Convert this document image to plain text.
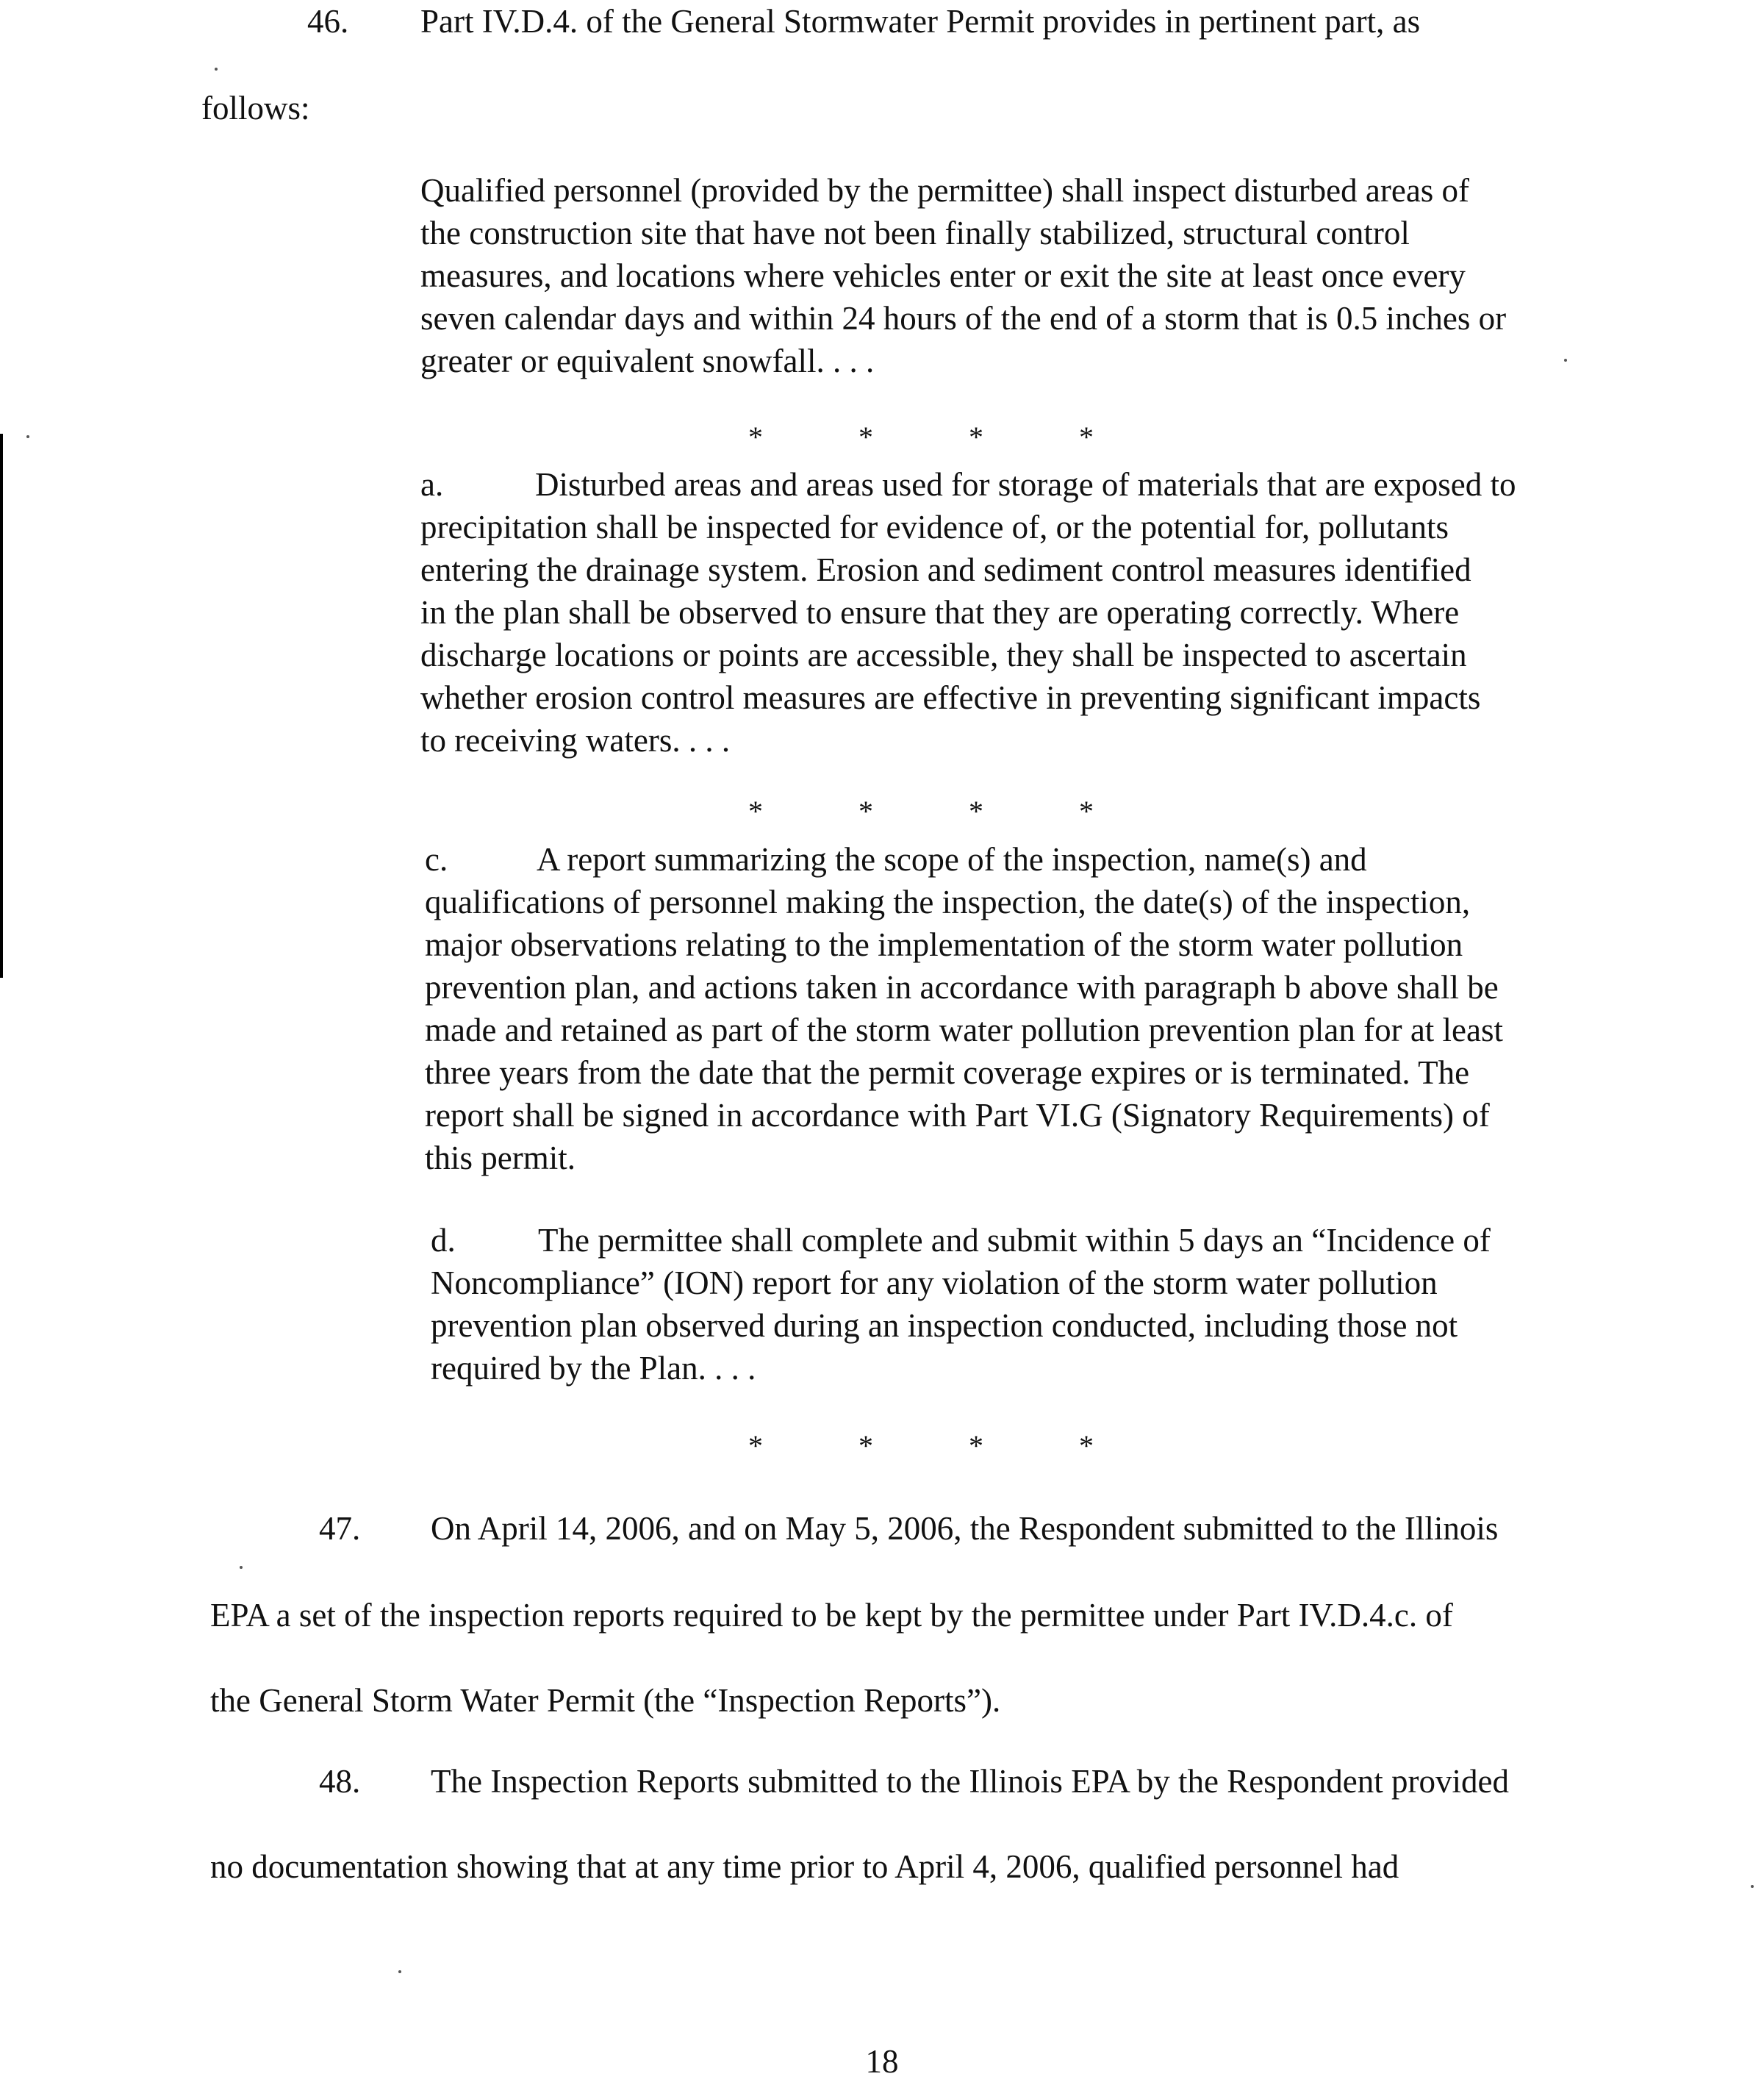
46. Part IV.D.4. of the General Stormwater Permit provides in pertinent part, as
follows:
Qualified personnel (provided by the permittee) shall inspect disturbed areas of
the construction site that have not been finally stabilized, structural control
measures, and locations where vehicles enter or exit the site at least once every
seven calendar days and within 24 hours of the end of a storm that is 0.5 inches or
greater or equivalent snowfall. . . .
*	*	*	*
a.	Disturbed areas and areas used for storage of materials that are exposed to
precipitation shall be inspected for evidence of, or the potential for, pollutants
entering the drainage system. Erosion and sediment control measures identified
in the plan shall be observed to ensure that they are operating correctly. Where
discharge locations or points are accessible, they shall be inspected to ascertain
whether erosion control measures are effective in preventing significant impacts
to receiving waters. . . .
*	*	*	*
c.	A report summarizing the scope of the inspection, name(s) and
qualifications of personnel making the inspection, the date(s) of the inspection,
major observations relating to the implementation of the storm water pollution
prevention plan, and actions taken in accordance with paragraph b above shall be
made and retained as part of the storm water pollution prevention plan for at least
three years from the date that the permit coverage expires or is terminated. The
report shall be signed in accordance with Part VI.G (Signatory Requirements) of
this permit.
d. The permittee shall complete and submit within 5 days an “Incidence of
Noncompliance” (ION) report for any violation of the storm water pollution
prevention plan observed during an inspection conducted, including those not
required by the Plan. . . .
*	*	*	*
47. On April 14, 2006, and on May 5, 2006, the Respondent submitted to the Illinois
EPA a set of the inspection reports required to be kept by the permittee under Part IV.D.4.c. of
the General Storm Water Permit (the “Inspection Reports”).
48. The Inspection Reports submitted to the Illinois EPA by the Respondent provided
no documentation showing that at any time prior to April 4, 2006, qualified personnel had
18
